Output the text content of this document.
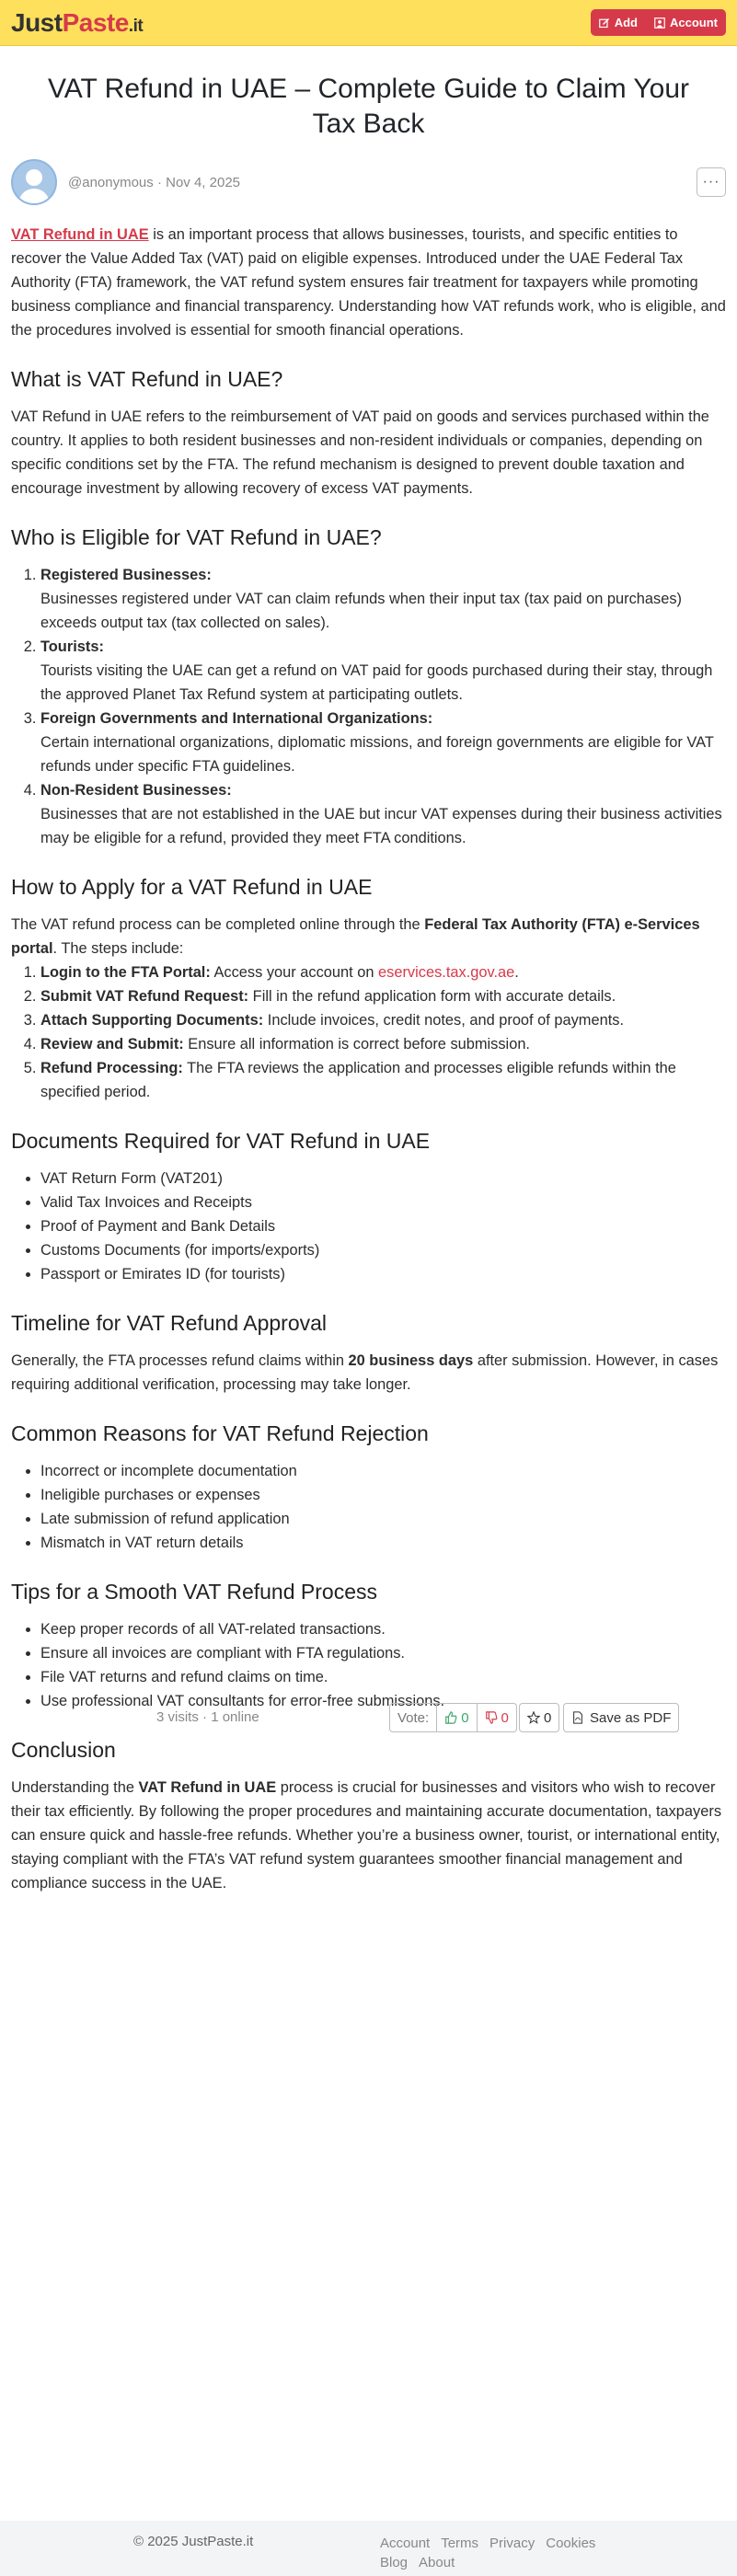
Just Paste .it	Add	Account
VAT Refund in UAE – Complete Guide to Claim Your Tax Back
@anonymous · Nov 4, 2025	···

VAT Refund in UAE is an important process that allows businesses, tourists, and specific entities to recover the Value Added Tax (VAT) paid on eligible expenses. Introduced under the UAE Federal Tax Authority (FTA) framework, the VAT refund system ensures fair treatment for taxpayers while promoting business compliance and financial transparency. Understanding how VAT refunds work, who is eligible, and the procedures involved is essential for smooth financial operations.

What is VAT Refund in UAE?

VAT Refund in UAE refers to the reimbursement of VAT paid on goods and services purchased within the country. It applies to both resident businesses and non-resident individuals or companies, depending on specific conditions set by the FTA. The refund mechanism is designed to prevent double taxation and encourage investment by allowing recovery of excess VAT payments.

Who is Eligible for VAT Refund in UAE?
1. Registered Businesses:
Businesses registered under VAT can claim refunds when their input tax (tax paid on purchases) exceeds output tax (tax collected on sales).
2. Tourists:
Tourists visiting the UAE can get a refund on VAT paid for goods purchased during their stay, through the approved Planet Tax Refund system at participating outlets.
3. Foreign Governments and International Organizations:
Certain international organizations, diplomatic missions, and foreign governments are eligible for VAT refunds under specific FTA guidelines.
4. Non-Resident Businesses:
Businesses that are not established in the UAE but incur VAT expenses during their business activities may be eligible for a refund, provided they meet FTA conditions.
How to Apply for a VAT Refund in UAE

The VAT refund process can be completed online through the Federal Tax Authority (FTA) e-Services portal. The steps include:

1. Login to the FTA Portal: Access your account on eservices.tax.gov.ae.
2. Submit VAT Refund Request: Fill in the refund application form with accurate details.
3. Attach Supporting Documents: Include invoices, credit notes, and proof of payments.
4. Review and Submit: Ensure all information is correct before submission.
5. Refund Processing: The FTA reviews the application and processes eligible refunds within the specified period.
Documents Required for VAT Refund in UAE
• VAT Return Form (VAT201)
• Valid Tax Invoices and Receipts
• Proof of Payment and Bank Details
• Customs Documents (for imports/exports)
• Passport or Emirates ID (for tourists)
Timeline for VAT Refund Approval

Generally, the FTA processes refund claims within 20 business days after submission. However, in cases requiring additional verification, processing may take longer.

Common Reasons for VAT Refund Rejection
• Incorrect or incomplete documentation
• Ineligible purchases or expenses
• Late submission of refund application
• Mismatch in VAT return details
Tips for a Smooth VAT Refund Process
• Keep proper records of all VAT-related transactions.
• Ensure all invoices are compliant with FTA regulations.
• File VAT returns and refund claims on time.
• Use professional VAT consultants for error-free submissions.
Conclusion

Understanding the VAT Refund in UAE process is crucial for businesses and visitors who wish to recover their tax efficiently. By following the proper procedures and maintaining accurate documentation, taxpayers can ensure quick and hassle-free refunds. Whether you’re a business owner, tourist, or international entity, staying compliant with the FTA’s VAT refund system guarantees smoother financial management and compliance success in the UAE.

3 visits · 1 online	Vote:	0 0	0	Save as PDF
© 2025 JustPaste.it	Account Terms Privacy CookiesBlog About
